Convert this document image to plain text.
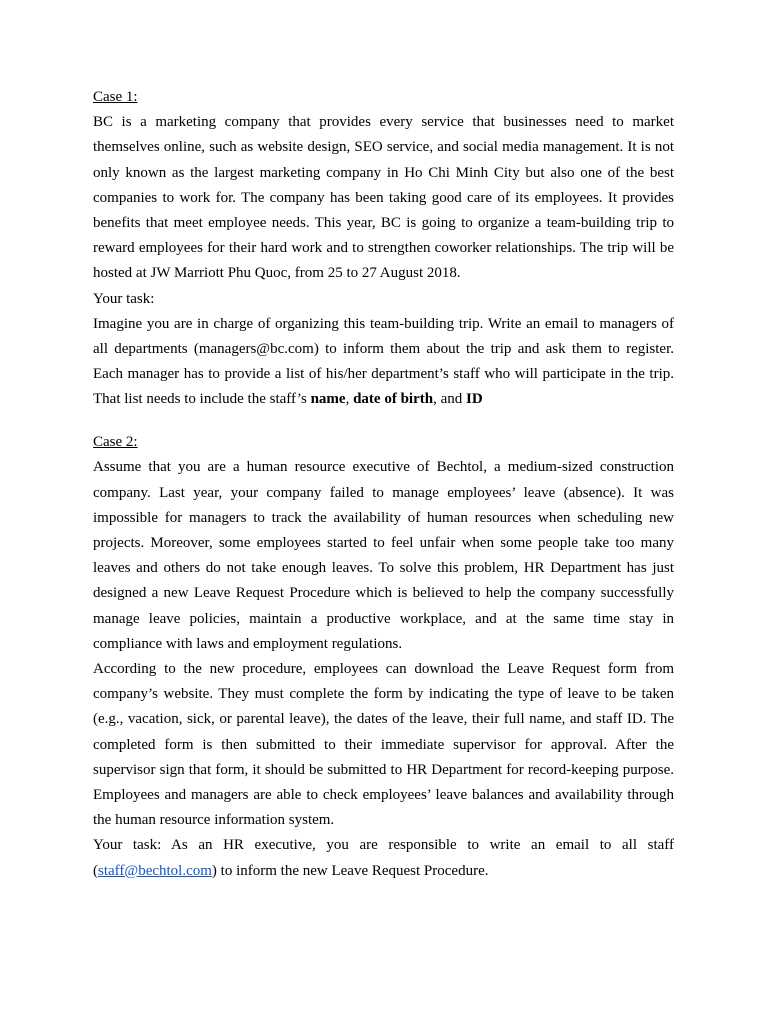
Case 1:

BC is a marketing company that provides every service that businesses need to market themselves online, such as website design, SEO service, and social media management. It is not only known as the largest marketing company in Ho Chi Minh City but also one of the best companies to work for. The company has been taking good care of its employees. It provides benefits that meet employee needs. This year, BC is going to organize a team-building trip to reward employees for their hard work and to strengthen coworker relationships. The trip will be hosted at JW Marriott Phu Quoc, from 25 to 27 August 2018.

Your task:

Imagine you are in charge of organizing this team-building trip. Write an email to managers of all departments (managers@bc.com) to inform them about the trip and ask them to register. Each manager has to provide a list of his/her department’s staff who will participate in the trip. That list needs to include the staff’s name, date of birth, and ID

Case 2:

Assume that you are a human resource executive of Bechtol, a medium-sized construction company. Last year, your company failed to manage employees’ leave (absence). It was impossible for managers to track the availability of human resources when scheduling new projects. Moreover, some employees started to feel unfair when some people take too many leaves and others do not take enough leaves. To solve this problem, HR Department has just designed a new Leave Request Procedure which is believed to help the company successfully manage leave policies, maintain a productive workplace, and at the same time stay in compliance with laws and employment regulations.

According to the new procedure, employees can download the Leave Request form from company’s website. They must complete the form by indicating the type of leave to be taken (e.g., vacation, sick, or parental leave), the dates of the leave, their full name, and staff ID. The completed form is then submitted to their immediate supervisor for approval. After the supervisor sign that form, it should be submitted to HR Department for record-keeping purpose. Employees and managers are able to check employees’ leave balances and availability through the human resource information system.

Your task: As an HR executive, you are responsible to write an email to all staff (staff@bechtol.com) to inform the new Leave Request Procedure.
